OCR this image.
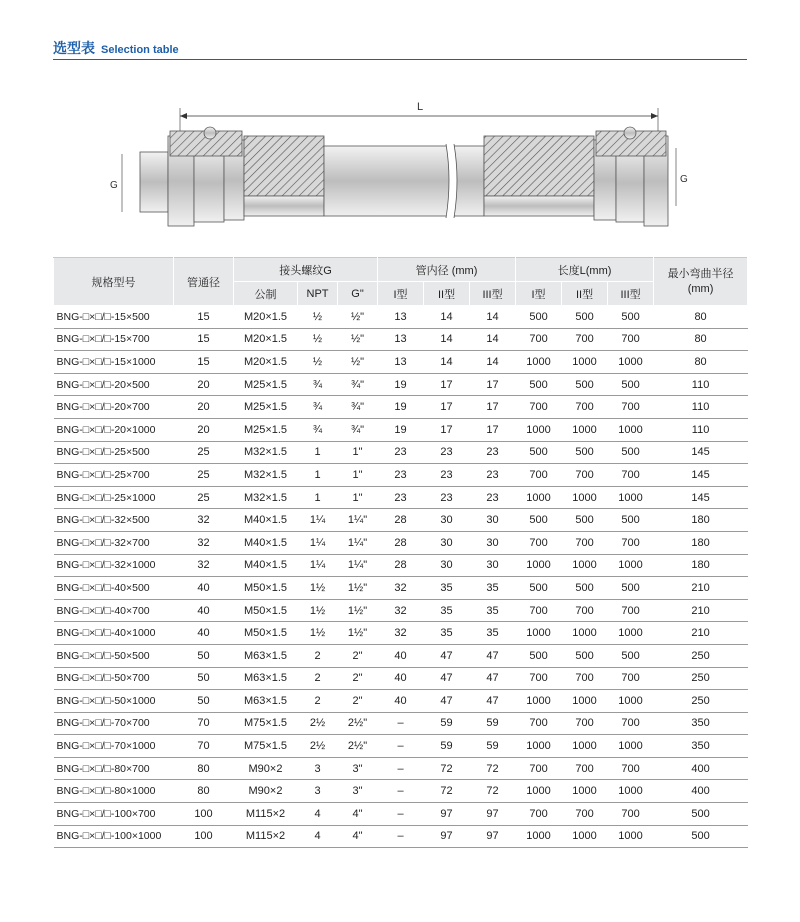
选型表 Selection table
L
G
G
规格型号	管通径	接头螺纹G			管内径 (mm)			长度L(mm)			最小弯曲半径
(mm)
		公制	NPT	G"	I型	II型	III型	I型	II型	III型	
BNG-□×□/□-15×500	15	M20×1.5	½	½"	13	14	14	500	500	500	80
BNG-□×□/□-15×700	15	M20×1.5	½	½"	13	14	14	700	700	700	80
BNG-□×□/□-15×1000	15	M20×1.5	½	½"	13	14	14	1000	1000	1000	80
BNG-□×□/□-20×500	20	M25×1.5	¾	¾"	19	17	17	500	500	500	110
BNG-□×□/□-20×700	20	M25×1.5	¾	¾"	19	17	17	700	700	700	110
BNG-□×□/□-20×1000	20	M25×1.5	¾	¾"	19	17	17	1000	1000	1000	110
BNG-□×□/□-25×500	25	M32×1.5	1	1"	23	23	23	500	500	500	145
BNG-□×□/□-25×700	25	M32×1.5	1	1"	23	23	23	700	700	700	145
BNG-□×□/□-25×1000	25	M32×1.5	1	1"	23	23	23	1000	1000	1000	145
BNG-□×□/□-32×500	32	M40×1.5	1¼	1¼"	28	30	30	500	500	500	180
BNG-□×□/□-32×700	32	M40×1.5	1¼	1¼"	28	30	30	700	700	700	180
BNG-□×□/□-32×1000	32	M40×1.5	1¼	1¼"	28	30	30	1000	1000	1000	180
BNG-□×□/□-40×500	40	M50×1.5	1½	1½"	32	35	35	500	500	500	210
BNG-□×□/□-40×700	40	M50×1.5	1½	1½"	32	35	35	700	700	700	210
BNG-□×□/□-40×1000	40	M50×1.5	1½	1½"	32	35	35	1000	1000	1000	210
BNG-□×□/□-50×500	50	M63×1.5	2	2"	40	47	47	500	500	500	250
BNG-□×□/□-50×700	50	M63×1.5	2	2"	40	47	47	700	700	700	250
BNG-□×□/□-50×1000	50	M63×1.5	2	2"	40	47	47	1000	1000	1000	250
BNG-□×□/□-70×700	70	M75×1.5	2½	2½"	–	59	59	700	700	700	350
BNG-□×□/□-70×1000	70	M75×1.5	2½	2½"	–	59	59	1000	1000	1000	350
BNG-□×□/□-80×700	80	M90×2	3	3"	–	72	72	700	700	700	400
BNG-□×□/□-80×1000	80	M90×2	3	3"	–	72	72	1000	1000	1000	400
BNG-□×□/□-100×700	100	M115×2	4	4"	–	97	97	700	700	700	500
BNG-□×□/□-100×1000	100	M115×2	4	4"	–	97	97	1000	1000	1000	500
